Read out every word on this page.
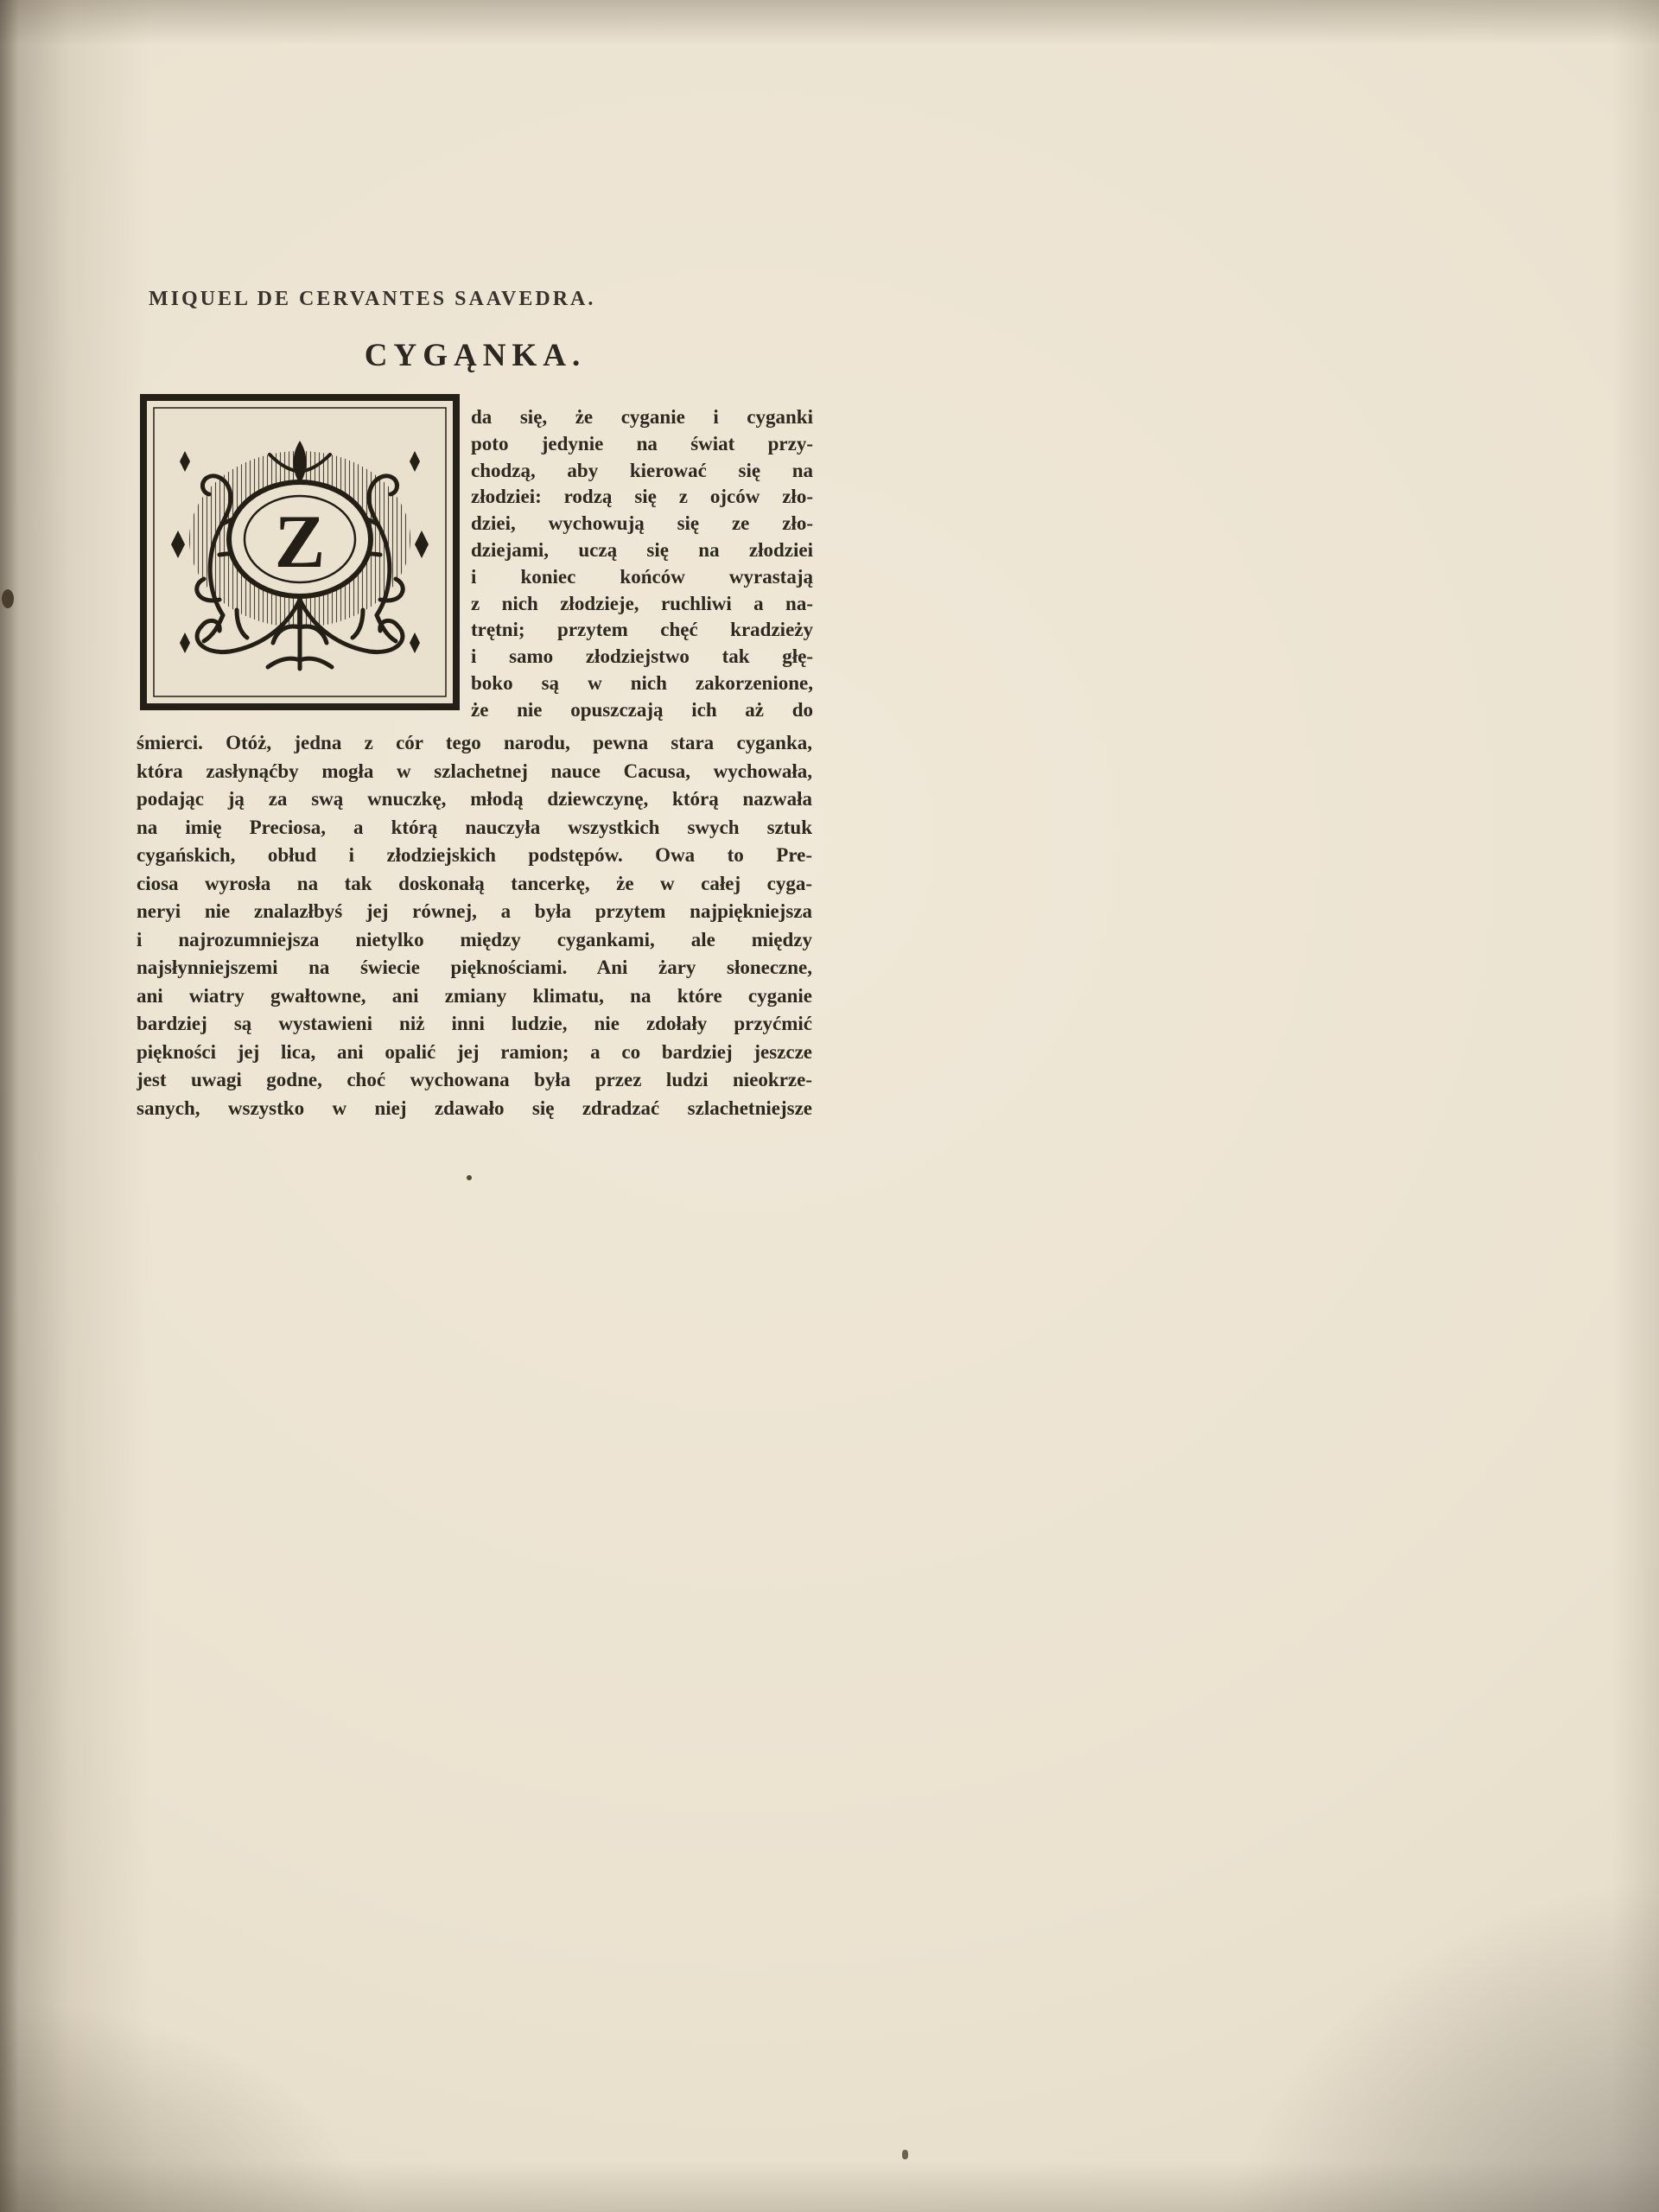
MIQUEL DE CERVANTES SAAVEDRA.
CYGĄNKA.
Z
da się, że cyganie i cyganki
poto jedynie na świat przy-
chodzą, aby kierować się na
złodziei: rodzą się z ojców zło-
dziei, wychowują się ze zło-
dziejami, uczą się na złodziei
i koniec końców wyrastają
z nich złodzieje, ruchliwi a na-
trętni; przytem chęć kradzieży
i samo złodziejstwo tak głę-
boko są w nich zakorzenione,
że nie opuszczają ich aż do
śmierci. Otóż, jedna z cór tego narodu, pewna stara cyganka,
która zasłynąćby mogła w szlachetnej nauce Cacusa, wychowała,
podając ją za swą wnuczkę, młodą dziewczynę, którą nazwała
na imię Preciosa, a którą nauczyła wszystkich swych sztuk
cygańskich, obłud i złodziejskich podstępów. Owa to Pre-
ciosa wyrosła na tak doskonałą tancerkę, że w całej cyga-
neryi nie znalazłbyś jej równej, a była przytem najpiękniejsza
i najrozumniejsza nietylko między cygankami, ale między
najsłynniejszemi na świecie pięknościami. Ani żary słoneczne,
ani wiatry gwałtowne, ani zmiany klimatu, na które cyganie
bardziej są wystawieni niż inni ludzie, nie zdołały przyćmić
piękności jej lica, ani opalić jej ramion; a co bardziej jeszcze
jest uwagi godne, choć wychowana była przez ludzi nieokrze-
sanych, wszystko w niej zdawało się zdradzać szlachetniejsze
